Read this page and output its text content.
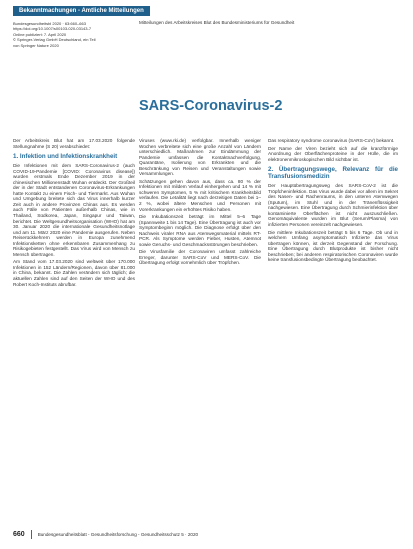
Bekanntmachungen - Amtliche Mitteilungen
Bundesgesundheitsbl 2020 · 63:660–663
https://doi.org/10.1007/s00103-020-03143-7
Online publiziert: 7. April 2020
© Springer-Verlag GmbH Deutschland, ein Teil
von Springer Nature 2020
Mitteilungen des Arbeitskreises Blut des Bundesministeriums für Gesundheit
SARS-Coronavirus-2

Der Arbeitskreis Blut hat am 17.03.2020 folgende Stellungnahme (S 20) verabschiedet:

1. Infektion und Infektionskrankheit

Die Infektionen mit dem SARS-Coronavirus-2 (auch COVID-19-Pandemie [COVID: Coronavirus disease]) wurden erstmals Ende Dezember 2019 in der chinesischen Millionenstadt Wuhan entdeckt. Der Großteil der in der Stadt entstandenen Coronavirus-Erkrankungen hatte Kontakt zu einem Fisch- und Tiermarkt. Aus Wuhan und Umgebung breitete sich das Virus innerhalb kurzer Zeit auch in andere Provinzen Chinas aus. Es werden auch Fälle von Patienten außerhalb Chinas, wie in Thailand, Südkorea, Japan, Singapur und Taiwan, berichtet. Die Weltgesundheitsorganisation (WHO) hat am 30. Januar 2020 die internationale Gesundheitsnotlage und am 11. März 2020 eine Pandemie ausgerufen. Neben Reiserückkehrern werden in Europa zunehmend Infektionsketten ohne erkennbaren Zusammenhang zu Risikogebieten festgestellt. Das Virus wird von Mensch zu Mensch übertragen.

Am Stand vom 17.03.2020 sind weltweit über 170.000 Infektionen in 152 Ländern/Regionen, davon über 81.000 in China, bekannt. Die Zahlen verändern sich täglich; die aktuellen Zahlen sind auf den Seiten der WHO und des Robert Koch-Instituts abrufbar.

Viruses (www.rki.de) verfolgbar. Innerhalb weniger Wochen verbreitete sich eine große Anzahl von Ländern unterschiedlich. Maßnahmen zur Eindämmung der Pandemie umfassen die Kontaktnachverfolgung, Quarantäne, Isolierung von Erkrankten und die Beschränkung von Reisen und Veranstaltungen sowie Versammlungen.

Schätzungen gehen davon aus, dass ca. 80 % der Infektionen mit mildem Verlauf einhergehen und 14 % mit schweren Symptomen, 5 % mit kritischem Krankheitsbild verlaufen. Die Letalität liegt nach derzeitigen Daten bei 1–2 %, wobei ältere Menschen und Personen mit Vorerkrankungen ein erhöhtes Risiko haben.

Die Inkubationszeit beträgt im Mittel 5–6 Tage (Spannweite 1 bis 14 Tage). Eine Übertragung ist auch vor Symptombeginn möglich. Die Diagnose erfolgt über den Nachweis viraler RNA aus Atemwegsmaterial mittels RT-PCR. Als Symptome werden Fieber, Husten, Atemnot sowie Geruchs- und Geschmacksstörungen beschrieben.

Die Virusfamilie der Coronaviren umfasst zahlreiche Erreger, darunter SARS-CoV und MERS-CoV. Die Übertragung erfolgt vornehmlich über Tröpfchen.

Das respiratory syndrome coronavirus (SARS-CoV) bekannt.

Der Name der Viren bezieht sich auf die kranzförmige Anordnung der Oberflächenproteine in der Hülle, die im elektronenmikroskopischen Bild sichtbar ist.

2. Übertragungswege, Relevanz für die Transfusionsmedizin

Der Hauptübertragungsweg des SARS-CoV-2 ist die Tröpfcheninfektion. Das Virus wurde dabei vor allem im Sekret des Nasen- und Rachenraums, in den unteren Atemwegen (Sputum), im Stuhl und in der Tränenflüssigkeit nachgewiesen. Eine Übertragung durch Schmierinfektion über kontaminierte Oberflächen ist nicht auszuschließen. Genomäquivalente wurden im Blut (Serum/Plasma) von infizierten Personen vereinzelt nachgewiesen.

Die mittlere Inkubationszeit beträgt 5 bis 6 Tage. Ob und in welchem Umfang asymptomatisch Infizierte das Virus übertragen können, ist derzeit Gegenstand der Forschung. Eine Übertragung durch Blutprodukte ist bisher nicht beschrieben; bei anderen respiratorischen Coronaviren wurde keine transfusionsbedingte Übertragung beobachtet.

660	Bundesgesundheitsblatt - Gesundheitsforschung - Gesundheitsschutz 5 · 2020
